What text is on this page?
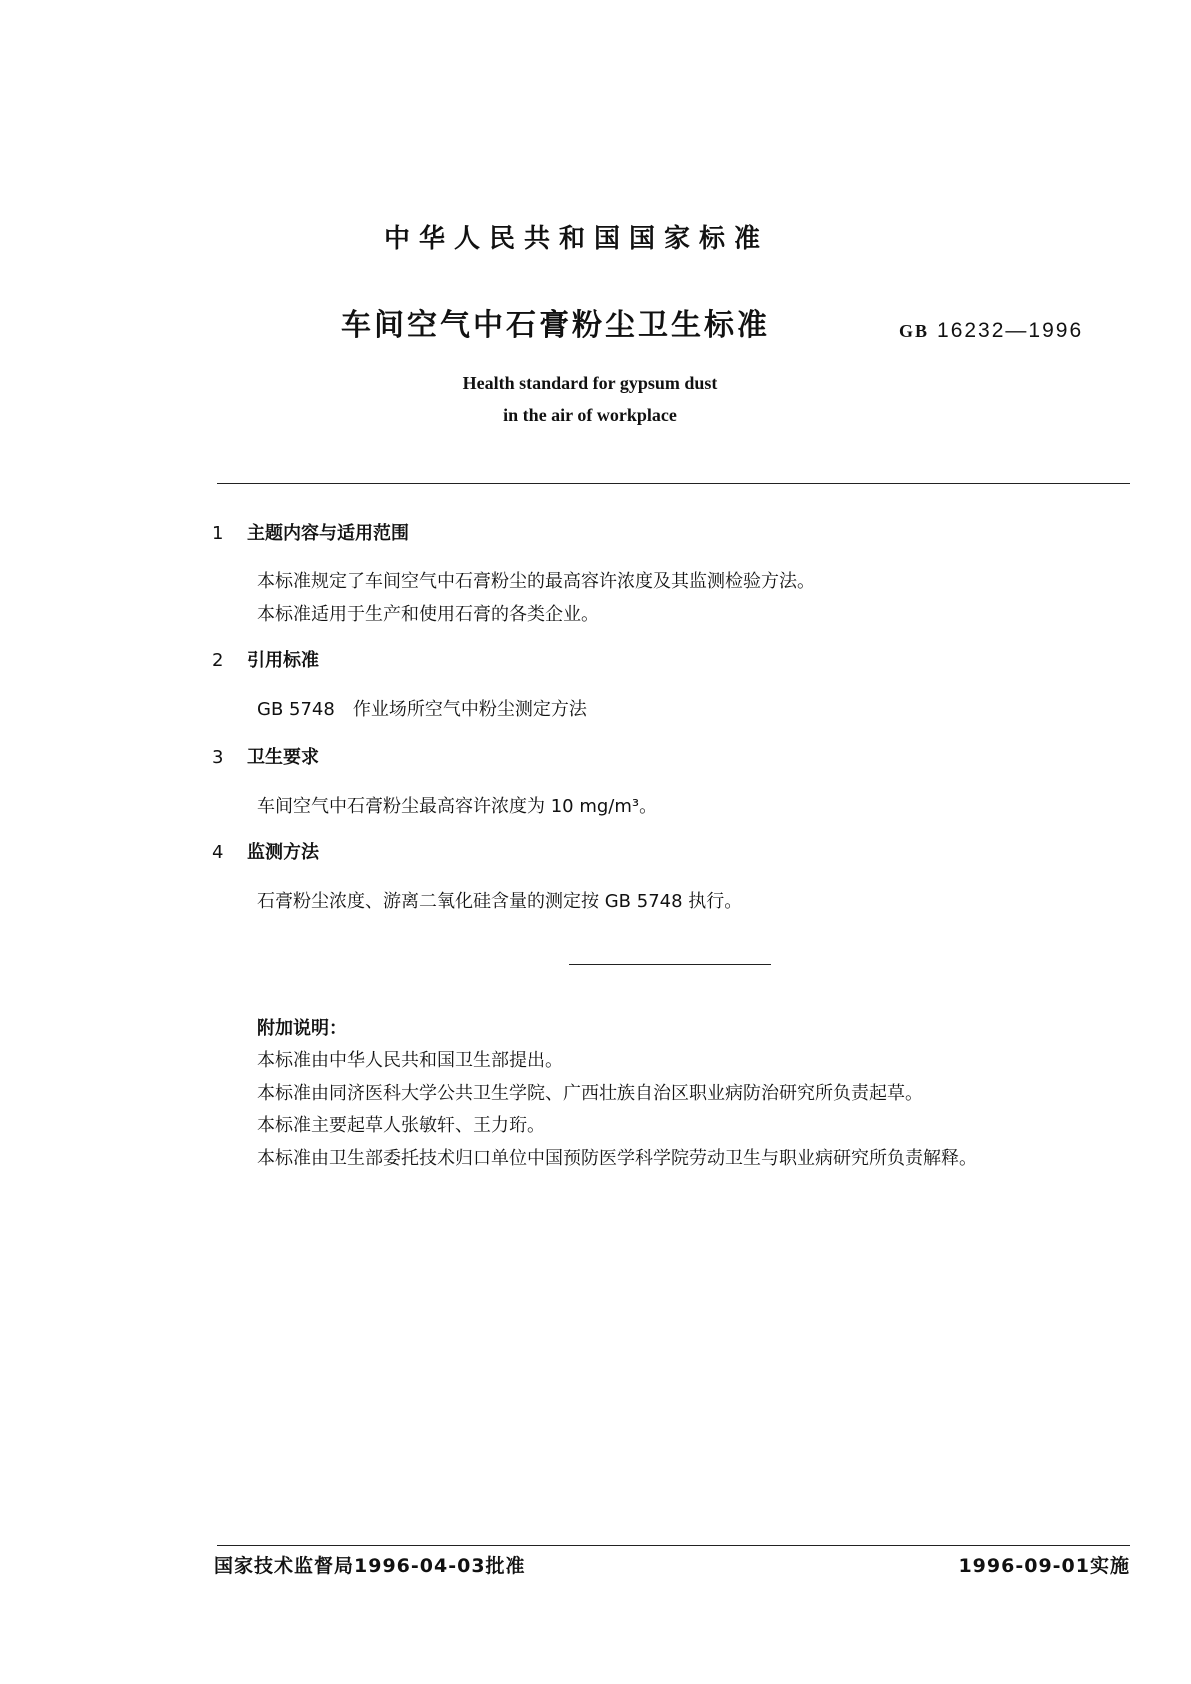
中华人民共和国国家标准
车间空气中石膏粉尘卫生标准	GB 16232—1996
Health standard for gypsum dust
in the air of workplace
1 主题内容与适用范围
本标准规定了车间空气中石膏粉尘的最高容许浓度及其监测检验方法。
本标准适用于生产和使用石膏的各类企业。
2 引用标准
GB 5748　作业场所空气中粉尘测定方法
3 卫生要求
车间空气中石膏粉尘最高容许浓度为 10 mg/m³。
4 监测方法
石膏粉尘浓度、游离二氧化硅含量的测定按 GB 5748 执行。
附加说明：
本标准由中华人民共和国卫生部提出。
本标准由同济医科大学公共卫生学院、广西壮族自治区职业病防治研究所负责起草。
本标准主要起草人张敏轩、王力珩。
本标准由卫生部委托技术归口单位中国预防医学科学院劳动卫生与职业病研究所负责解释。
国家技术监督局1996-04-03批准	1996-09-01实施
